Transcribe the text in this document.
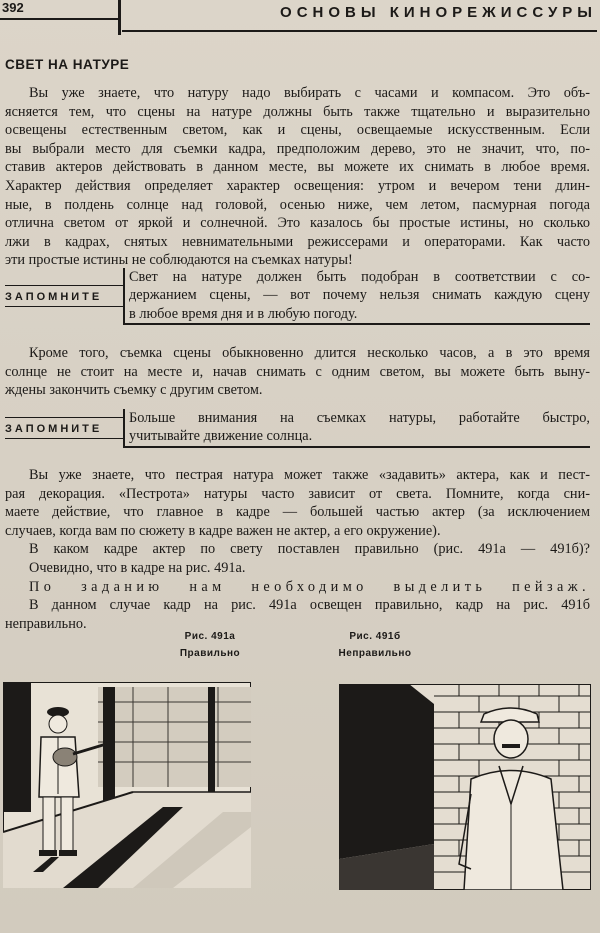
392	ОСНОВЫ КИНОРЕЖИССУРЫ
СВЕТ НА НАТУРЕ
Вы уже знаете, что натуру надо выбирать с часами и компасом. Это объ-
ясняется тем, что сцены на натуре должны быть также тщательно и выразительно
освещены естественным светом, как и сцены, освещаемые искусственным. Если
вы выбрали место для съемки кадра, предположим дерево, это не значит, что, по-
ставив актеров действовать в данном месте, вы можете их снимать в любое время.
Характер действия определяет характер освещения: утром и вечером тени длин-
ные, в полдень солнце над головой, осенью ниже, чем летом, пасмурная погода
отлична светом от яркой и солнечной. Это казалось бы простые истины, но сколько
лжи в кадрах, снятых невнимательными режиссерами и операторами. Как часто
эти простые истины не соблюдаются на съемках натуры!
ЗАПОМНИТЕ
Свет на натуре должен быть подобран в соответствии с со-
держанием сцены, — вот почему нельзя снимать каждую сцену
в любое время дня и в любую погоду.
Кроме того, съемка сцены обыкновенно длится несколько часов, а в это время
солнце не стоит на месте и, начав снимать с одним светом, вы можете быть выну-
ждены закончить съемку с другим светом.
ЗАПОМНИТЕ
Больше внимания на съемках натуры, работайте быстро,
учитывайте движение солнца.
Вы уже знаете, что пестрая натура может также «задавить» актера, как и пест-
рая декорация. «Пестрота» натуры часто зависит от света. Помните, когда сни-
маете действие, что главное в кадре — большей частью актер (за исключением
случаев, когда вам по сюжету в кадре важен не актер, а его окружение).
В каком кадре актер по свету поставлен правильно (рис. 491а — 491б)?
Очевидно, что в кадре на рис. 491а.
По заданию нам необходимо выделить пейзаж.
В данном случае кадр на рис. 491а освещен правильно, кадр на рис. 491б
неправильно.
Рис. 491а
Правильно
Рис. 491б
Неправильно
